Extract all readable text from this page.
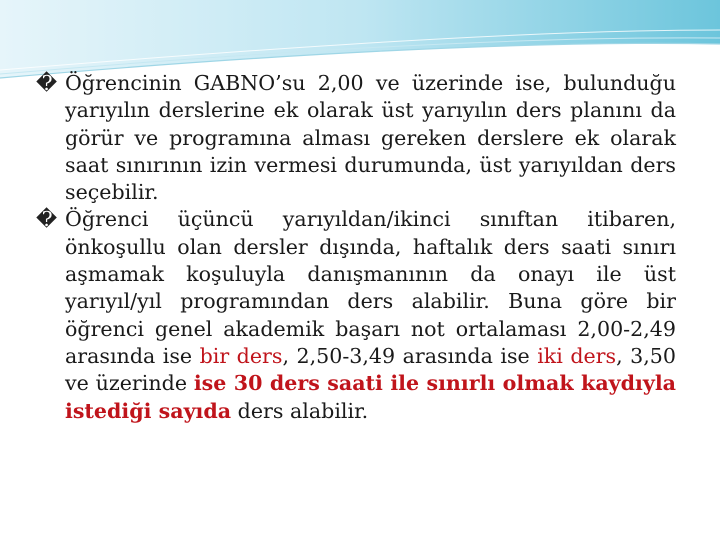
� Öğrencinin GABNO’su 2,00 ve üzerinde ise, bulunduğu yarıyılın derslerine ek olarak üst yarıyılın ders planını da görür ve programına alması gereken derslere ek olarak saat sınırının izin vermesi durumunda, üst yarıyıldan ders seçebilir.
� Öğrenci üçüncü yarıyıldan/ikinci sınıftan itibaren, önkoşullu olan dersler dışında, haftalık ders saati sınırı aşmamak koşuluyla danışmanının da onayı ile üst yarıyıl/yıl programından ders alabilir. Buna göre bir öğrenci genel akademik başarı not ortalaması 2,00-2,49 arasında ise bir ders, 2,50-3,49 arasında ise iki ders, 3,50 ve üzerinde ise 30 ders saati ile sınırlı olmak kaydıyla istediği sayıda ders alabilir.
